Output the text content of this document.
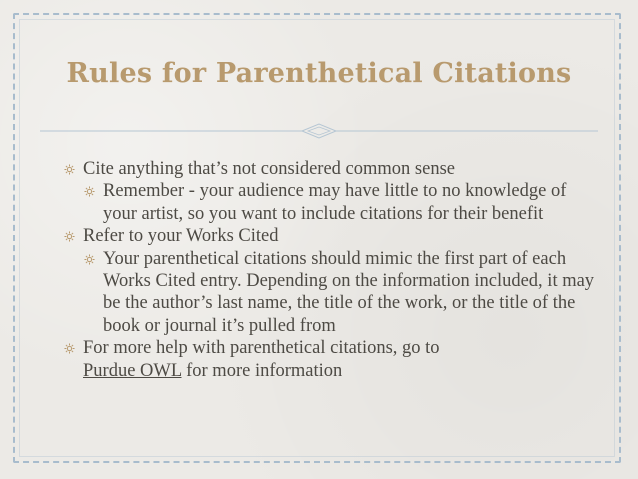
Rules for Parenthetical Citations

Cite anything that’s not considered common sense

Remember - your audience may have little to no knowledge of your artist, so you want to include citations for their benefit

Refer to your Works Cited

Your parenthetical citations should mimic the first part of each Works Cited entry. Depending on the information included, it may be the author’s last name, the title of the work, or the title of the book or journal it’s pulled from

For more help with parenthetical citations, go to
Purdue OWL for more information
